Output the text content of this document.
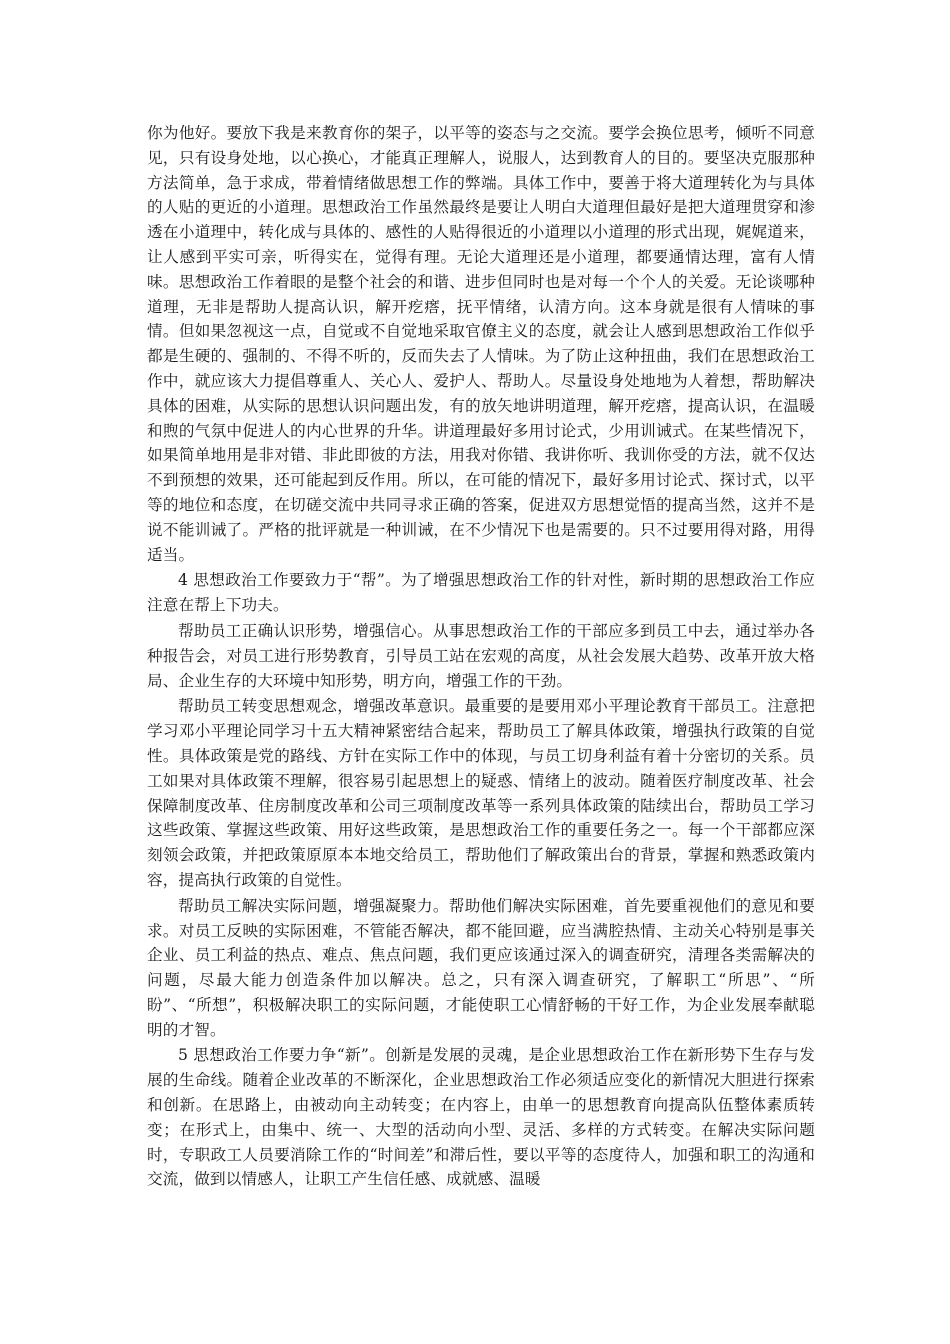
你为他好。要放下我是来教育你的架子，以平等的姿态与之交流。要学会换位思考，倾听不同意见，只有设身处地，以心换心，才能真正理解人，说服人，达到教育人的目的。要坚决克服那种方法简单，急于求成，带着情绪做思想工作的弊端。具体工作中，要善于将大道理转化为与具体的人贴的更近的小道理。思想政治工作虽然最终是要让人明白大道理但最好是把大道理贯穿和渗透在小道理中，转化成与具体的、感性的人贴得很近的小道理以小道理的形式出现，娓娓道来，让人感到平实可亲，听得实在，觉得有理。无论大道理还是小道理，都要通情达理，富有人情味。思想政治工作着眼的是整个社会的和谐、进步但同时也是对每一个个人的关爱。无论谈哪种道理，无非是帮助人提高认识，解开疙瘩，抚平情绪，认清方向。这本身就是很有人情味的事情。但如果忽视这一点，自觉或不自觉地采取官僚主义的态度，就会让人感到思想政治工作似乎都是生硬的、强制的、不得不听的，反而失去了人情味。为了防止这种扭曲，我们在思想政治工作中，就应该大力提倡尊重人、关心人、爱护人、帮助人。尽量设身处地地为人着想，帮助解决具体的困难，从实际的思想认识问题出发，有的放矢地讲明道理，解开疙瘩，提高认识，在温暖和煦的气氛中促进人的内心世界的升华。讲道理最好多用讨论式，少用训诫式。在某些情况下，如果简单地用是非对错、非此即彼的方法，用我对你错、我讲你听、我训你受的方法，就不仅达不到预想的效果，还可能起到反作用。所以，在可能的情况下，最好多用讨论式、探讨式，以平等的地位和态度，在切磋交流中共同寻求正确的答案，促进双方思想觉悟的提高当然，这并不是说不能训诫了。严格的批评就是一种训诫，在不少情况下也是需要的。只不过要用得对路，用得适当。

4 思想政治工作要致力于“帮”。为了增强思想政治工作的针对性，新时期的思想政治工作应注意在帮上下功夫。

帮助员工正确认识形势，增强信心。从事思想政治工作的干部应多到员工中去，通过举办各种报告会，对员工进行形势教育，引导员工站在宏观的高度，从社会发展大趋势、改革开放大格局、企业生存的大环境中知形势，明方向，增强工作的干劲。

帮助员工转变思想观念，增强改革意识。最重要的是要用邓小平理论教育干部员工。注意把学习邓小平理论同学习十五大精神紧密结合起来，帮助员工了解具体政策，增强执行政策的自觉性。具体政策是党的路线、方针在实际工作中的体现，与员工切身利益有着十分密切的关系。员工如果对具体政策不理解，很容易引起思想上的疑惑、情绪上的波动。随着医疗制度改革、社会保障制度改革、住房制度改革和公司三项制度改革等一系列具体政策的陆续出台，帮助员工学习这些政策、掌握这些政策、用好这些政策，是思想政治工作的重要任务之一。每一个干部都应深刻领会政策，并把政策原原本本地交给员工，帮助他们了解政策出台的背景，掌握和熟悉政策内容，提高执行政策的自觉性。

帮助员工解决实际问题，增强凝聚力。帮助他们解决实际困难，首先要重视他们的意见和要求。对员工反映的实际困难，不管能否解决，都不能回避，应当满腔热情、主动关心特别是事关企业、员工利益的热点、难点、焦点问题，我们更应该通过深入的调查研究，清理各类需解决的问题，尽最大能力创造条件加以解决。总之，只有深入调查研究，了解职工“所思”、“所盼”、“所想”，积极解决职工的实际问题，才能使职工心情舒畅的干好工作，为企业发展奉献聪明的才智。

5 思想政治工作要力争“新”。创新是发展的灵魂，是企业思想政治工作在新形势下生存与发展的生命线。随着企业改革的不断深化，企业思想政治工作必须适应变化的新情况大胆进行探索和创新。在思路上，由被动向主动转变；在内容上，由单一的思想教育向提高队伍整体素质转变；在形式上，由集中、统一、大型的活动向小型、灵活、多样的方式转变。在解决实际问题时，专职政工人员要消除工作的“时间差”和滞后性，要以平等的态度待人，加强和职工的沟通和交流，做到以情感人，让职工产生信任感、成就感、温暖
